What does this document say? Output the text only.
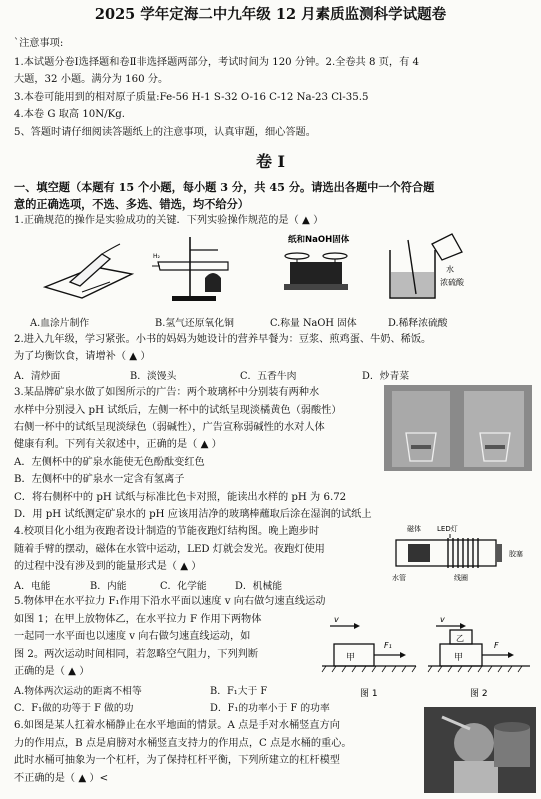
2025 学年定海二中九年级 12 月素质监测科学试题卷
`注意事项:
1.本试题分卷Ⅰ选择题和卷Ⅱ非选择题两部分，考试时间为 120 分钟。2.全卷共 8 页，有 4
大题，32 小题。满分为 160 分。
3.本卷可能用到的相对原子质量:Fe-56 H-1 S-32 O-16 C-12 Na-23 Cl-35.5
4.本卷 G 取高 10N/Kg.
5、答题时请仔细阅读答题纸上的注意事项，认真审题，细心答题。
卷 I
一、填空题（本题有 15 个小题，每小题 3 分，共 45 分。请选出各题中一个符合题
意的正确选项，不选、多选、错选，均不给分）
1.正确规范的操作是实验成功的关键．下列实验操作规范的是（ ▲ ）
H₂
纸和NaOH固体
水
浓硫酸
A.血涂片制作	B.氢气还原氧化铜	C.称量 NaOH 固体	D.稀释浓硫酸
2.进入九年级，学习紧张。小书的妈妈为她设计的营养早餐为：豆浆、煎鸡蛋、牛奶、稀饭。
为了均衡饮食，请增补（ ▲ ）
A．清炒面	B．淡馒头	C．五香牛肉	D．炒青菜
3.某品牌矿泉水做了如图所示的广告：两个玻璃杯中分别装有两种水
水样中分别浸入 pH 试纸后，左侧一杯中的试纸呈现淡橘黄色（弱酸性）
右侧一杯中的试纸呈现淡绿色（弱碱性），广告宣称弱碱性的水对人体
健康有利。下列有关叙述中，正确的是（ ▲ ）
A．左侧杯中的矿泉水能使无色酚酞变红色
B．左侧杯中的矿泉水一定含有氢离子
C．将右侧杯中的 pH 试纸与标准比色卡对照，能读出水样的 pH 为 6.72
D．用 pH 试纸测定矿泉水的 pH 应该用洁净的玻璃棒蘸取后涂在湿润的试纸上
4.校项目化小组为夜跑者设计制造的节能夜跑灯结构图。晚上跑步时
随着手臂的摆动，磁体在水管中运动，LED 灯就会发光。夜跑灯使用
的过程中没有涉及到的能量形式是（ ▲ ）
A．电能	B．内能	C．化学能	D．机械能
磁体 LED灯
胶塞
水管	线圈
5.物体甲在水平拉力 F₁作用下沿水平面以速度 v 向右做匀速直线运动
如图 1；在甲上放物体乙，在水平拉力 F 作用下两物体
一起同一水平面也以速度 v 向右做匀速直线运动，如
图 2。两次运动时间相同，若忽略空气阻力，下列判断
正确的是（ ▲ ）
A.物体两次运动的距离不相等	B．F₁大于 F
C．F₁做的功等于 F 做的功	D．F₁的功率小于 F 的功率
v
甲
F₁
图 1
v
乙
甲
F
图 2
6.如图是某人扛着水桶静止在水平地面的情景。A 点是手对水桶竖直方向
力的作用点，B 点是肩膀对水桶竖直支持力的作用点，C 点是水桶的重心。
此时水桶可抽象为一个杠杆，为了保持杠杆平衡，下列所建立的杠杆模型
不正确的是（ ▲ ）<
